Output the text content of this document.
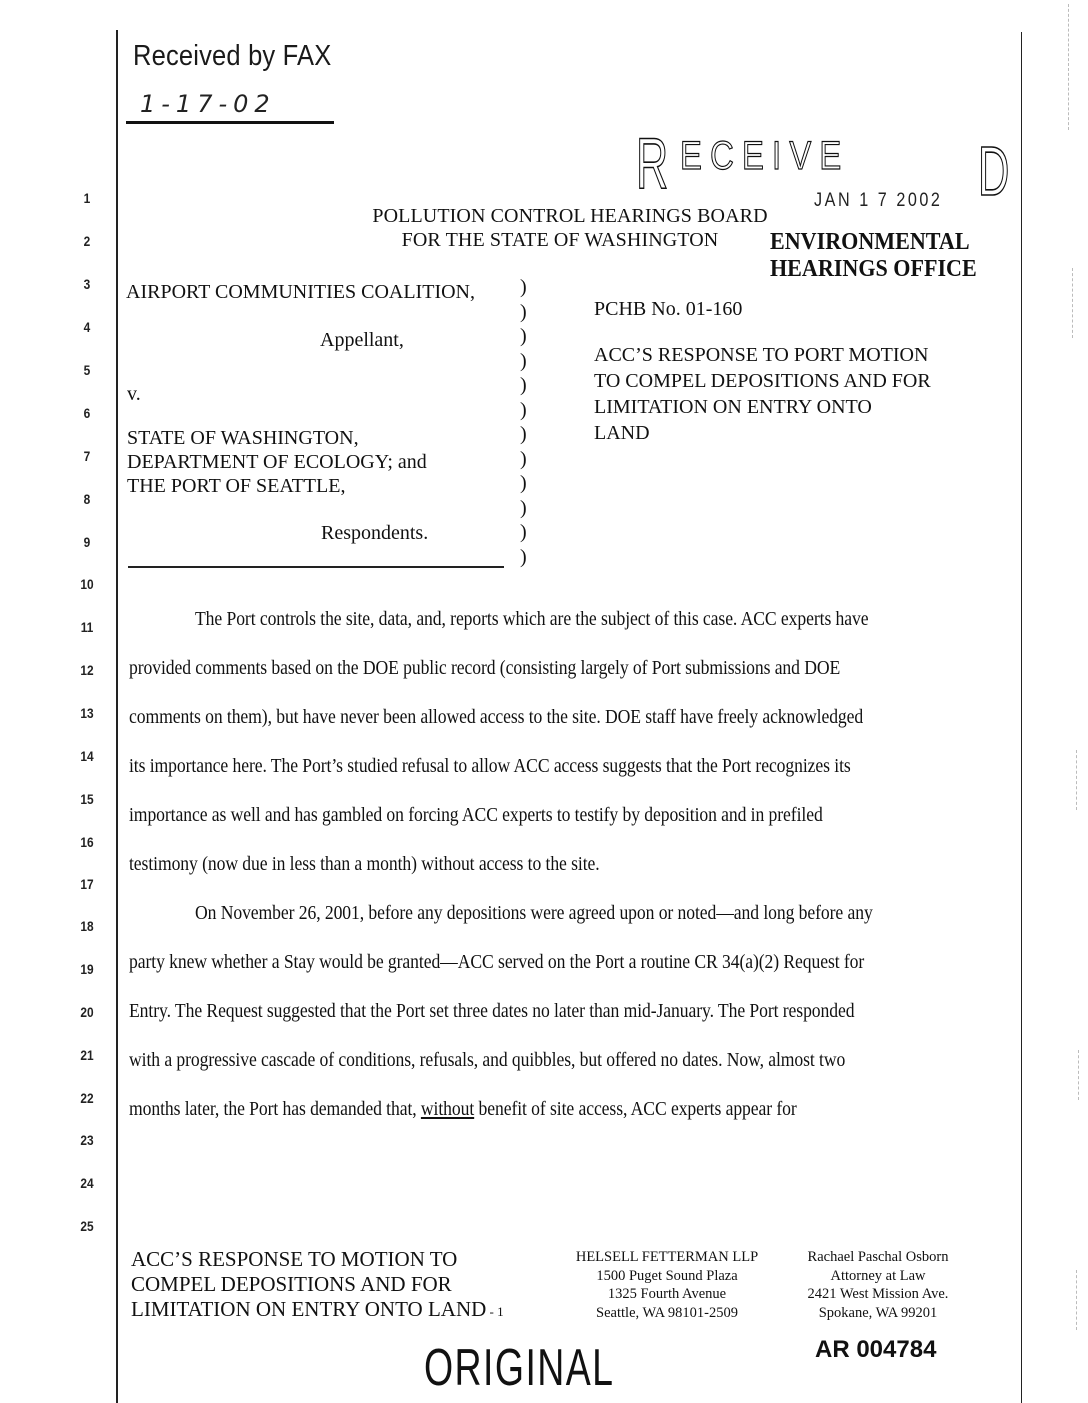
1
2
3
4
5
6
7
8
9
10
11
12
13
14
15
16
17
18
19
20
21
22
23
24
25
Received by FAX
1-17-02
R ECEIVE D
JAN 1 7 2002
ENVIRONMENTAL
HEARINGS OFFICE
POLLUTION CONTROL HEARINGS BOARD
FOR THE STATE OF WASHINGTON
AIRPORT COMMUNITIES COALITION,
Appellant,
v.
STATE OF WASHINGTON,
DEPARTMENT OF ECOLOGY; and
THE PORT OF SEATTLE,
Respondents.
)
)
)
)
)
)
)
)
)
)
)
)
PCHB No. 01-160
ACC’S RESPONSE TO PORT MOTION
TO COMPEL DEPOSITIONS AND FOR
LIMITATION ON ENTRY ONTO
LAND
The Port controls the site, data, and, reports which are the subject of this case. ACC experts have
provided comments based on the DOE public record (consisting largely of Port submissions and DOE
comments on them), but have never been allowed access to the site. DOE staff have freely acknowledged
its importance here. The Port’s studied refusal to allow ACC access suggests that the Port recognizes its
importance as well and has gambled on forcing ACC experts to testify by deposition and in prefiled
testimony (now due in less than a month) without access to the site.
On November 26, 2001, before any depositions were agreed upon or noted—and long before any
party knew whether a Stay would be granted—ACC served on the Port a routine CR 34(a)(2) Request for
Entry. The Request suggested that the Port set three dates no later than mid-January. The Port responded
with a progressive cascade of conditions, refusals, and quibbles, but offered no dates. Now, almost two
months later, the Port has demanded that, without benefit of site access, ACC experts appear for
ACC’S RESPONSE TO MOTION TO
COMPEL DEPOSITIONS AND FOR
LIMITATION ON ENTRY ONTO LAND - 1
HELSELL FETTERMAN LLP
1500 Puget Sound Plaza
1325 Fourth Avenue
Seattle, WA 98101-2509
Rachael Paschal Osborn
Attorney at Law
2421 West Mission Ave.
Spokane, WA 99201
ORIGINAL	AR 004784
